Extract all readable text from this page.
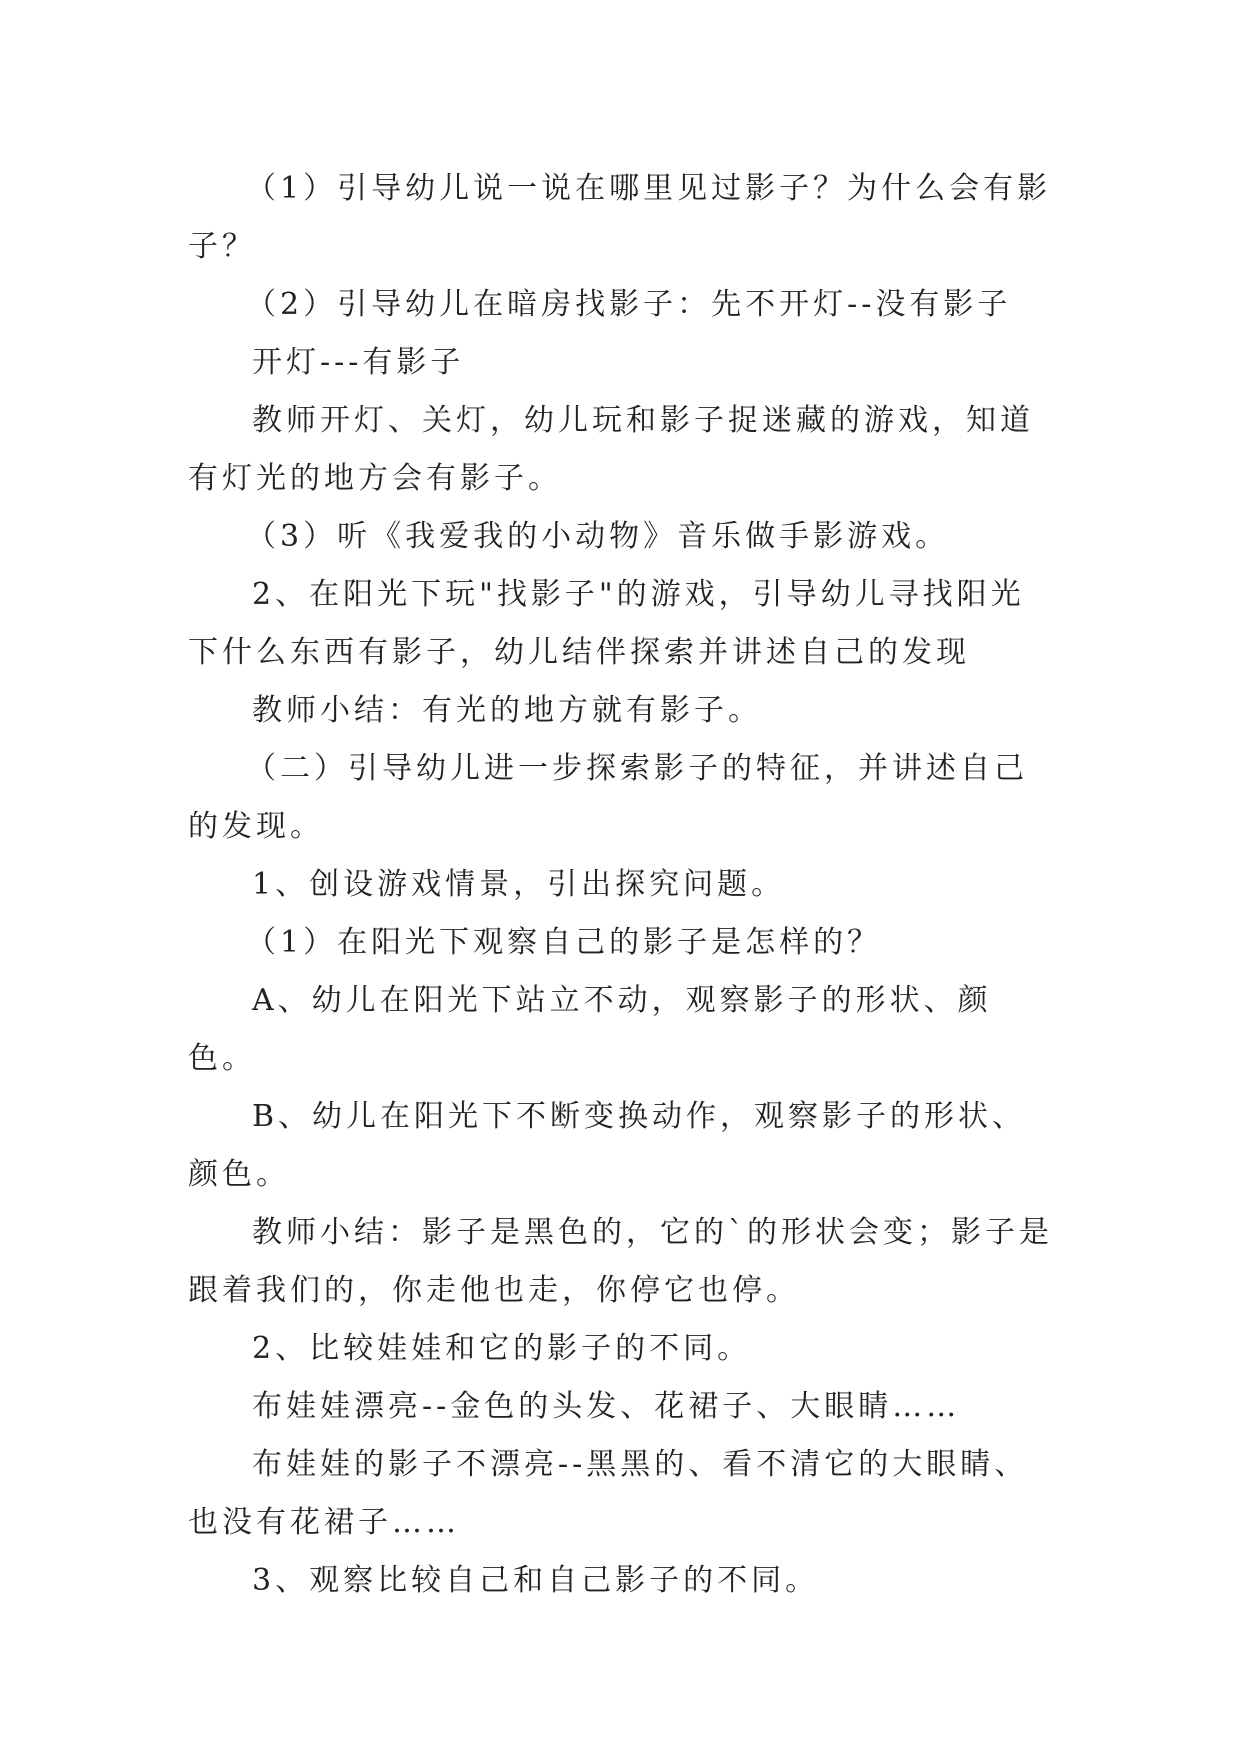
（1）引导幼儿说一说在哪里见过影子？为什么会有影子？

（2）引导幼儿在暗房找影子：先不开灯--没有影子

开灯---有影子

教师开灯、关灯，幼儿玩和影子捉迷藏的游戏，知道有灯光的地方会有影子。

（3）听《我爱我的小动物》音乐做手影游戏。

2、在阳光下玩"找影子"的游戏，引导幼儿寻找阳光下什么东西有影子，幼儿结伴探索并讲述自己的发现

教师小结：有光的地方就有影子。

（二）引导幼儿进一步探索影子的特征，并讲述自己的发现。

1、创设游戏情景，引出探究问题。

（1）在阳光下观察自己的影子是怎样的？

A、幼儿在阳光下站立不动，观察影子的形状、颜色。

B、幼儿在阳光下不断变换动作，观察影子的形状、颜色。

教师小结：影子是黑色的，它的`的形状会变；影子是跟着我们的，你走他也走，你停它也停。

2、比较娃娃和它的影子的不同。

布娃娃漂亮--金色的头发、花裙子、大眼睛……

布娃娃的影子不漂亮--黑黑的、看不清它的大眼睛、也没有花裙子……

3、观察比较自己和自己影子的不同。
